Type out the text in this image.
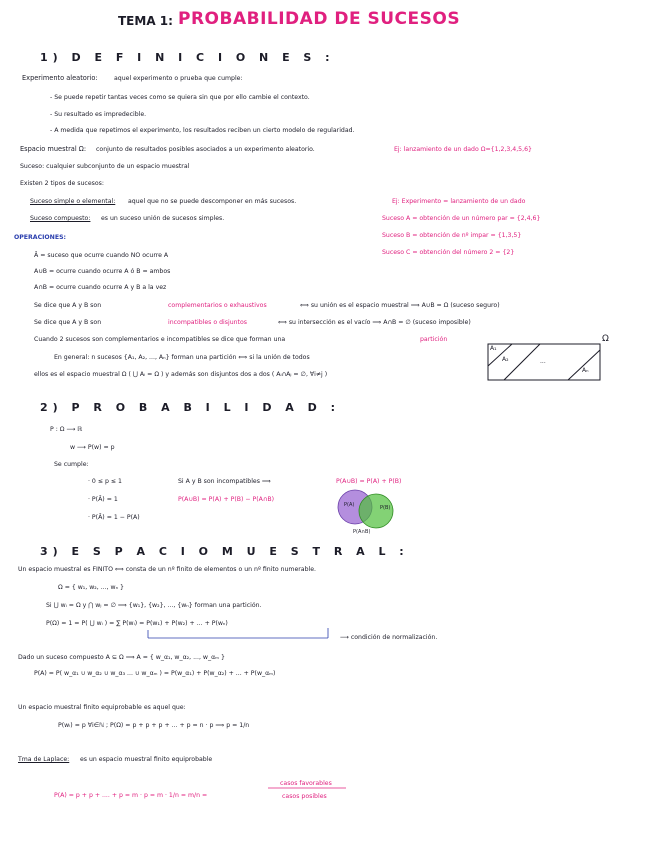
TEMA 1: PROBABILIDAD DE SUCESOS
1) D E F I N I C I O N E S :
Experimento aleatorio:	aquel experimento o prueba que cumple:
- Se puede repetir tantas veces como se quiera sin que por ello cambie el contexto.
- Su resultado es impredecible.
- A medida que repetimos el experimento, los resultados reciben un cierto modelo de regularidad.
Espacio muestral Ω: conjunto de resultados posibles asociados a un experimento aleatorio.	Ej: lanzamiento de un dado Ω={1,2,3,4,5,6}
Suceso: cualquier subconjunto de un espacio muestral
Existen 2 tipos de sucesos:
Suceso simple o elemental: aquel que no se puede descomponer en más sucesos.	Ej: Experimento = lanzamiento de un dado
Suceso compuesto: es un suceso unión de sucesos simples.	Suceso A = obtención de un número par = {2,4,6}
Suceso B = obtención de nº impar = {1,3,5}
Suceso C = obtención del número 2 = {2}
OPERACIONES:
Ā = suceso que ocurre cuando NO ocurre A
A∪B = ocurre cuando ocurre A ó B = ambos
A∩B = ocurre cuando ocurre A y B a la vez
Se dice que A y B son	complementarios o exhaustivos	⟺ su unión es el espacio muestral ⟹ A∪B = Ω (suceso seguro)
Se dice que A y B son	incompatibles o disjuntos	⟺ su intersección es el vacío ⟹ A∩B = ∅ (suceso imposible)
Cuando 2 sucesos son complementarios e incompatibles se dice que forman una	partición
En general: n sucesos {A₁, A₂, ..., Aₙ} forman una partición ⟺ si la unión de todos
ellos es el espacio muestral Ω ( ⋃ Aᵢ = Ω ) y además son disjuntos dos a dos ( Aᵢ∩Aⱼ = ∅, ∀i≠j )
Ω
A₁
A₂	...
Aₙ
2) P R O B A B I L I D A D :
P : Ω ⟶ ℝ
w ⟶ P(w) = p
Se cumple:
· 0 ≤ p ≤ 1
· P(Ā) = 1
· P(Ā) = 1 − P(A)
Si A y B son incompatibles ⟹	P(A∪B) = P(A) + P(B)
P(A∪B) = P(A) + P(B) − P(A∩B)
P(A)	P(B)
P(A∩B)
3) E S P A C I O M U E S T R A L :
Un espacio muestral es FINITO ⟺ consta de un nº finito de elementos o un nº finito numerable.
Ω = { w₁, w₂, ..., wₙ }
Si ⋃ wᵢ = Ω y ⋂ wⱼ = ∅ ⟹ {w₁}, {w₂}, ..., {wₙ} forman una partición.
P(Ω) = 1 = P( ⋃ wᵢ ) = ∑ P(wᵢ) = P(w₁) + P(w₂) + ... + P(wₙ)
⟶ condición de normalización.
Dado un suceso compuesto A ⊆ Ω ⟹ A = { w_α₁, w_α₂, ..., w_αₘ }
P(A) = P( w_α₁ ∪ w_α₂ ∪ w_α₃ ... ∪ w_αₘ ) = P(w_α₁) + P(w_α₂) + ... + P(w_αₘ)
Un espacio muestral finito equiprobable es aquel que:
P(wᵢ) = p ∀i∈ℕ ; P(Ω) = p + p + p + ... + p = n · p ⟹ p = 1/n
Tma de Laplace: es un espacio muestral finito equiprobable
P(A) = p + p + .... + p = m · p = m · 1/n = m/n =
casos favorables
casos posibles
